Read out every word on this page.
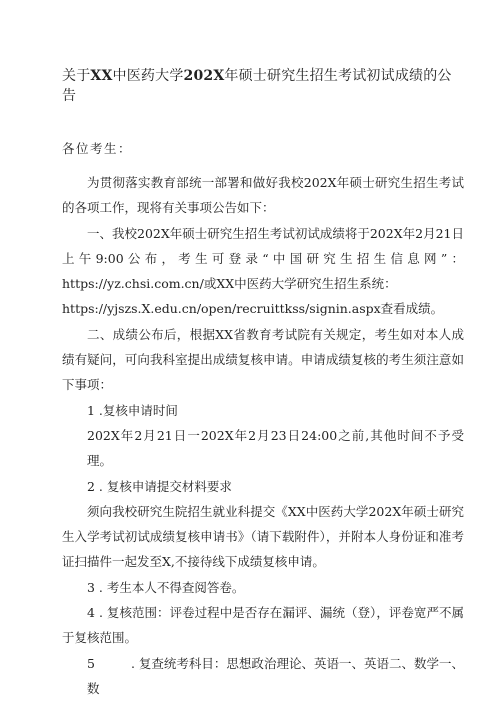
关于XX中医药大学202X年硕士研究生招生考试初试成绩的公告

各位考生：

为贯彻落实教育部统一部署和做好我校202X年硕士研究生招生考试的各项工作，现将有关事项公告如下：

一、我校202X年硕士研究生招生考试初试成绩将于202X年2月21日上午9:00公布，考生可登录“中国研究生招生信息网”：https://yz.chsi.com.cn/或XX中医药大学研究生招生系统：

https://yjszs.X.edu.cn/open/recruittkss/signin.aspx查看成绩。

二、成绩公布后，根据XX省教育考试院有关规定，考生如对本人成绩有疑问，可向我科室提出成绩复核申请。申请成绩复核的考生须注意如下事项：

1 .复核申请时间

202X年2月21日一202X年2月23日24:00之前,其他时间不予受理。

2 . 复核申请提交材料要求

须向我校研究生院招生就业科提交《XX中医药大学202X年硕士研究生入学考试初试成绩复核申请书》（请下载附件），并附本人身份证和准考证扫描件一起发至X,不接待线下成绩复核申请。

3 . 考生本人不得查阅答卷。

4 . 复核范围：评卷过程中是否存在漏评、漏统（登），评卷宽严不属于复核范围。

5	. 复查统考科目：思想政治理论、英语一、英语二、数学一、数
